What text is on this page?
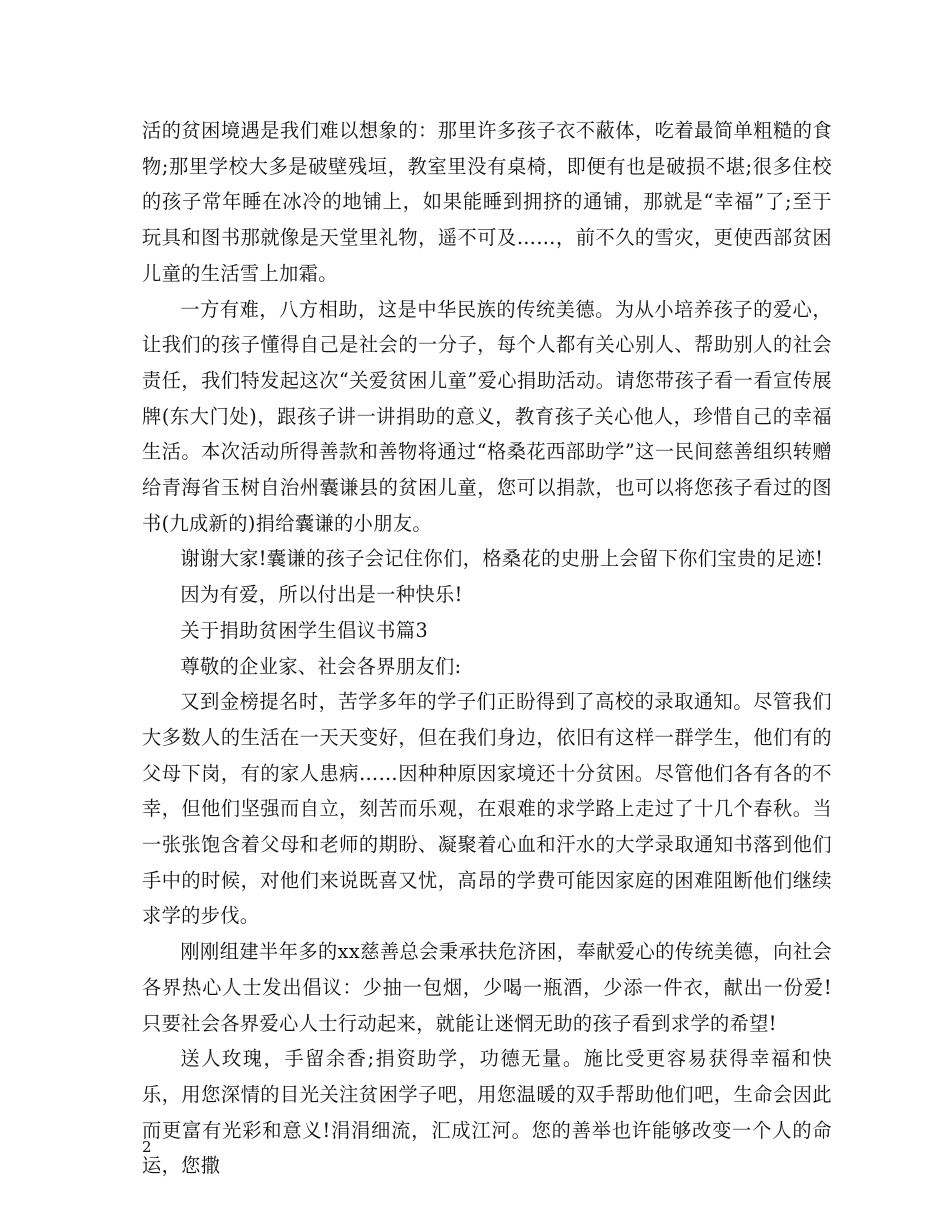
活的贫困境遇是我们难以想象的：那里许多孩子衣不蔽体，吃着最简单粗糙的食物;那里学校大多是破壁残垣，教室里没有桌椅，即便有也是破损不堪;很多住校的孩子常年睡在冰冷的地铺上，如果能睡到拥挤的通铺，那就是“幸福”了;至于玩具和图书那就像是天堂里礼物，遥不可及……，前不久的雪灾，更使西部贫困儿童的生活雪上加霜。

一方有难，八方相助，这是中华民族的传统美德。为从小培养孩子的爱心，让我们的孩子懂得自己是社会的一分子，每个人都有关心别人、帮助别人的社会责任，我们特发起这次“关爱贫困儿童”爱心捐助活动。请您带孩子看一看宣传展牌(东大门处)，跟孩子讲一讲捐助的意义，教育孩子关心他人，珍惜自己的幸福生活。本次活动所得善款和善物将通过“格桑花西部助学”这一民间慈善组织转赠给青海省玉树自治州囊谦县的贫困儿童，您可以捐款，也可以将您孩子看过的图书(九成新的)捐给囊谦的小朋友。

谢谢大家!囊谦的孩子会记住你们，格桑花的史册上会留下你们宝贵的足迹!

因为有爱，所以付出是一种快乐!

关于捐助贫困学生倡议书篇3

尊敬的企业家、社会各界朋友们:

又到金榜提名时，苦学多年的学子们正盼得到了高校的录取通知。尽管我们大多数人的生活在一天天变好，但在我们身边，依旧有这样一群学生，他们有的父母下岗，有的家人患病……因种种原因家境还十分贫困。尽管他们各有各的不幸，但他们坚强而自立，刻苦而乐观，在艰难的求学路上走过了十几个春秋。当一张张饱含着父母和老师的期盼、凝聚着心血和汗水的大学录取通知书落到他们手中的时候，对他们来说既喜又忧，高昂的学费可能因家庭的困难阻断他们继续求学的步伐。

刚刚组建半年多的xx慈善总会秉承扶危济困，奉献爱心的传统美德，向社会各界热心人士发出倡议：少抽一包烟，少喝一瓶酒，少添一件衣，献出一份爱!只要社会各界爱心人士行动起来，就能让迷惘无助的孩子看到求学的希望!

送人玫瑰，手留余香;捐资助学，功德无量。施比受更容易获得幸福和快乐，用您深情的目光关注贫困学子吧，用您温暖的双手帮助他们吧，生命会因此而更富有光彩和意义!涓涓细流，汇成江河。您的善举也许能够改变一个人的命运，您撒

2
